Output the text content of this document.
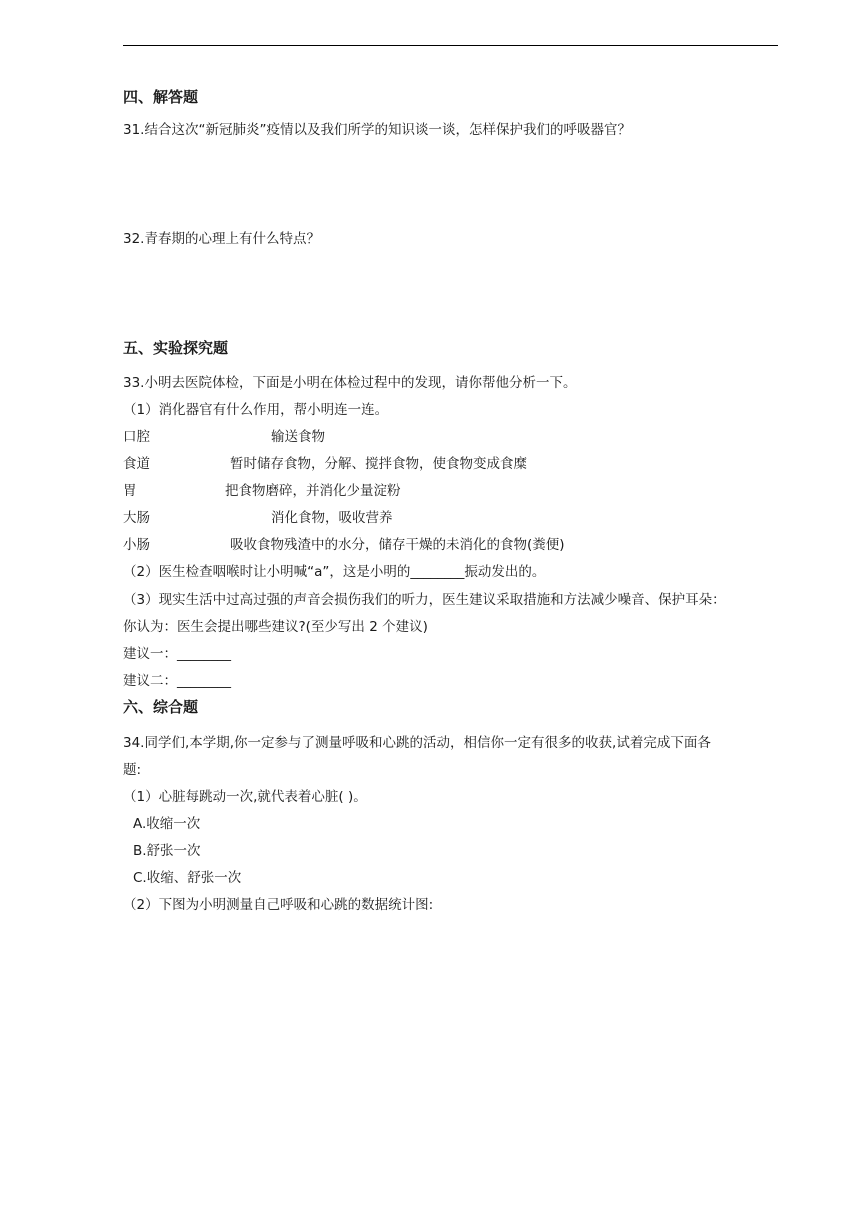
四、解答题
31.结合这次“新冠肺炎”疫情以及我们所学的知识谈一谈，怎样保护我们的呼吸器官？
32.青春期的心理上有什么特点？
五、实验探究题
33.小明去医院体检，下面是小明在体检过程中的发现，请你帮他分析一下。
（1）消化器官有什么作用，帮小明连一连。
口腔	输送食物
食道	暂时储存食物，分解、搅拌食物，使食物变成食糜
胃	把食物磨碎，并消化少量淀粉
大肠	消化食物，吸收营养
小肠	吸收食物残渣中的水分，储存干燥的未消化的食物(粪便)
（2）医生检查咽喉时让小明喊“a”，这是小明的________振动发出的。
（3）现实生活中过高过强的声音会损伤我们的听力，医生建议采取措施和方法减少噪音、保护耳朵：
你认为：医生会提出哪些建议?(至少写出 2 个建议)
建议一：________
建议二：________
六、综合题
34.同学们,本学期,你一定参与了测量呼吸和心跳的活动，相信你一定有很多的收获,试着完成下面各
题:
（1）心脏每跳动一次,就代表着心脏( )。
A.收缩一次
B.舒张一次
C.收缩、舒张一次
（2）下图为小明测量自己呼吸和心跳的数据统计图:
